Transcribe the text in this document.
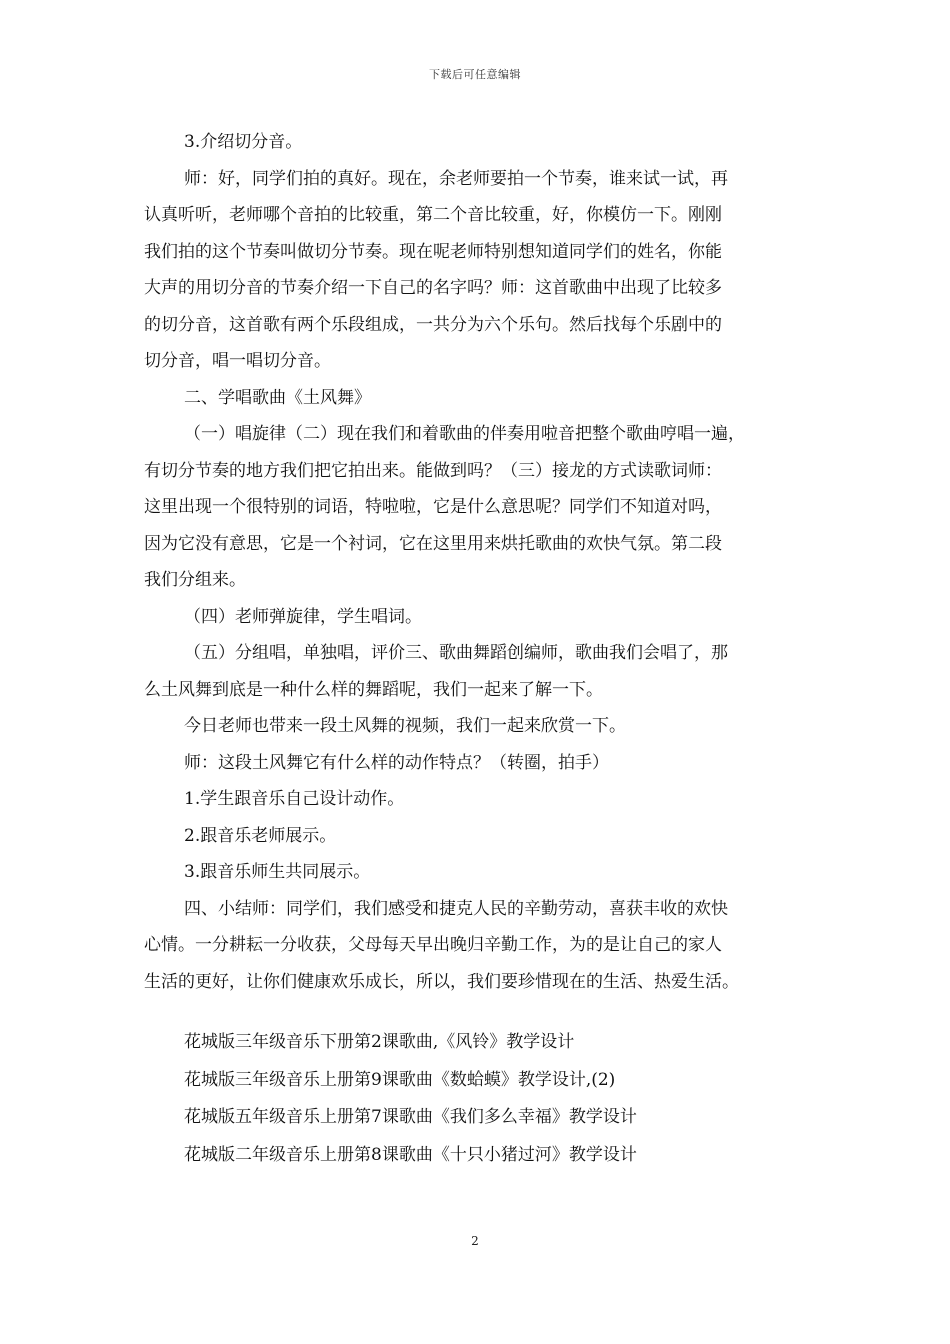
下载后可任意编辑

3.介绍切分音。

师：好，同学们拍的真好。现在，余老师要拍一个节奏，谁来试一试，再

认真听听，老师哪个音拍的比较重，第二个音比较重，好，你模仿一下。刚刚

我们拍的这个节奏叫做切分节奏。现在呢老师特别想知道同学们的姓名，你能

大声的用切分音的节奏介绍一下自己的名字吗？师：这首歌曲中出现了比较多

的切分音，这首歌有两个乐段组成，一共分为六个乐句。然后找每个乐剧中的

切分音，唱一唱切分音。

二、学唱歌曲《土风舞》

（一）唱旋律（二）现在我们和着歌曲的伴奏用啦音把整个歌曲哼唱一遍，

有切分节奏的地方我们把它拍出来。能做到吗？（三）接龙的方式读歌词师：

这里出现一个很特别的词语，特啦啦，它是什么意思呢？同学们不知道对吗，

因为它没有意思，它是一个衬词，它在这里用来烘托歌曲的欢快气氛。第二段

我们分组来。

（四）老师弹旋律，学生唱词。

（五）分组唱，单独唱，评价三、歌曲舞蹈创编师，歌曲我们会唱了，那

么土风舞到底是一种什么样的舞蹈呢，我们一起来了解一下。

今日老师也带来一段土风舞的视频，我们一起来欣赏一下。

师：这段土风舞它有什么样的动作特点？（转圈，拍手）

1.学生跟音乐自己设计动作。

2.跟音乐老师展示。

3.跟音乐师生共同展示。

四、小结师：同学们，我们感受和捷克人民的辛勤劳动，喜获丰收的欢快

心情。一分耕耘一分收获，父母每天早出晚归辛勤工作，为的是让自己的家人

生活的更好，让你们健康欢乐成长，所以，我们要珍惜现在的生活、热爱生活。

花城版三年级音乐下册第2课歌曲,《风铃》教学设计

花城版三年级音乐上册第9课歌曲《数蛤蟆》教学设计,(2)

花城版五年级音乐上册第7课歌曲《我们多么幸福》教学设计

花城版二年级音乐上册第8课歌曲《十只小猪过河》教学设计

2
